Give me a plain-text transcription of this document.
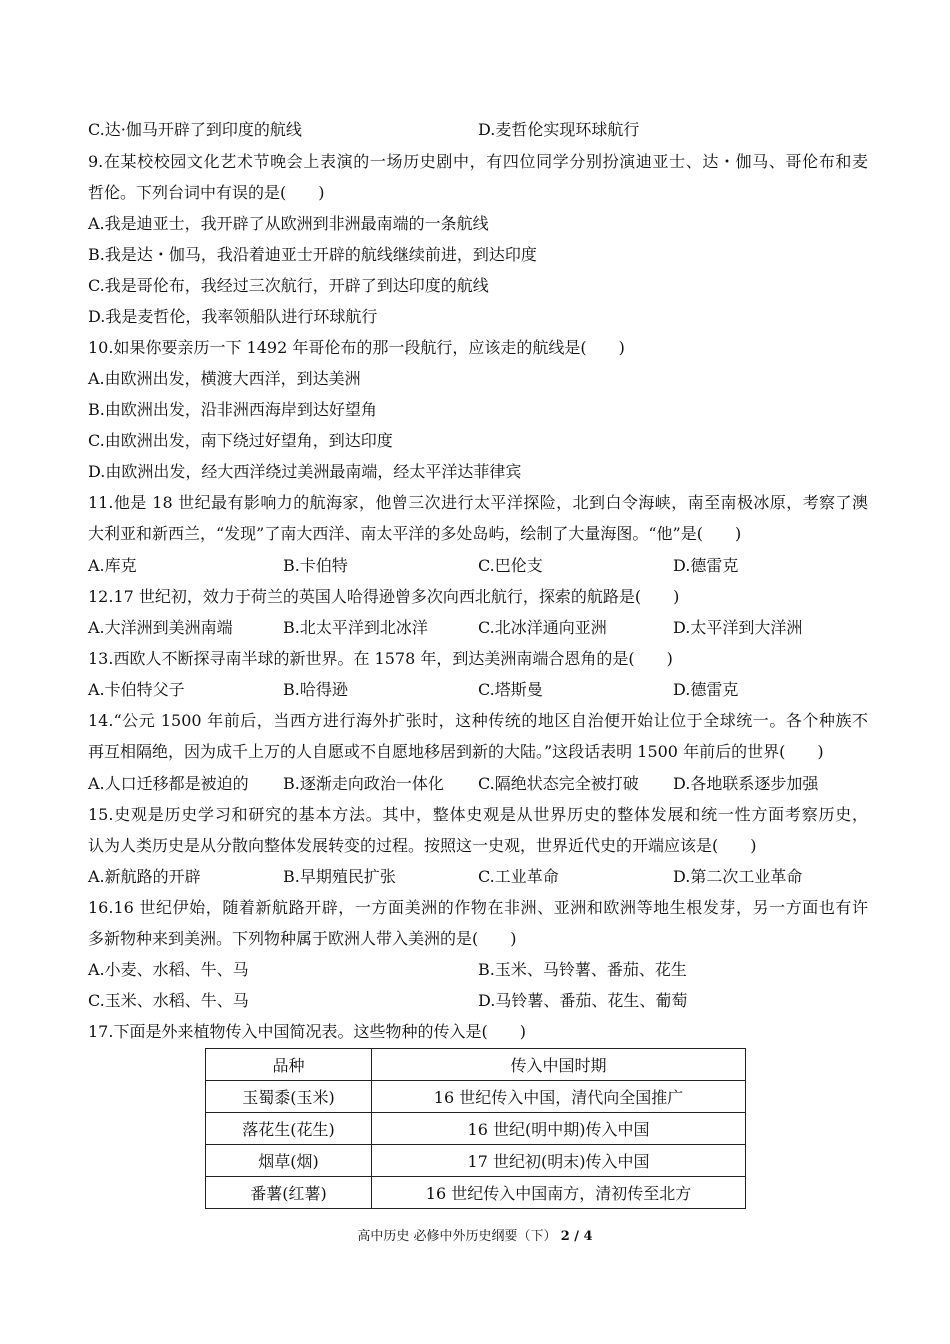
C.达·伽马开辟了到印度的航线	D.麦哲伦实现环球航行
9.在某校校园文化艺术节晚会上表演的一场历史剧中，有四位同学分别扮演迪亚士、达・伽马、哥伦布和麦
哲伦。下列台词中有误的是(　　)
A.我是迪亚士，我开辟了从欧洲到非洲最南端的一条航线
B.我是达・伽马，我沿着迪亚士开辟的航线继续前进，到达印度
C.我是哥伦布，我经过三次航行，开辟了到达印度的航线
D.我是麦哲伦，我率领船队进行环球航行
10.如果你要亲历一下 1492 年哥伦布的那一段航行，应该走的航线是(　　)
A.由欧洲出发，横渡大西洋，到达美洲
B.由欧洲出发，沿非洲西海岸到达好望角
C.由欧洲出发，南下绕过好望角，到达印度
D.由欧洲出发，经大西洋绕过美洲最南端，经太平洋达菲律宾
11.他是 18 世纪最有影响力的航海家，他曾三次进行太平洋探险，北到白令海峡，南至南极冰原，考察了澳
大利亚和新西兰，“发现”了南大西洋、南太平洋的多处岛屿，绘制了大量海图。“他”是(　　)
A.库克	B.卡伯特	C.巴伦支	D.德雷克
12.17 世纪初，效力于荷兰的英国人哈得逊曾多次向西北航行，探索的航路是(　　)
A.大洋洲到美洲南端	B.北太平洋到北冰洋	C.北冰洋通向亚洲	D.太平洋到大洋洲
13.西欧人不断探寻南半球的新世界。在 1578 年，到达美洲南端合恩角的是(　　)
A.卡伯特父子	B.哈得逊	C.塔斯曼	D.德雷克
14.“公元 1500 年前后，当西方进行海外扩张时，这种传统的地区自治便开始让位于全球统一。各个种族不
再互相隔绝，因为成千上万的人自愿或不自愿地移居到新的大陆。”这段话表明 1500 年前后的世界(　　)
A.人口迁移都是被迫的	B.逐渐走向政治一体化	C.隔绝状态完全被打破	D.各地联系逐步加强
15.史观是历史学习和研究的基本方法。其中，整体史观是从世界历史的整体发展和统一性方面考察历史，
认为人类历史是从分散向整体发展转变的过程。按照这一史观，世界近代史的开端应该是(　　)
A.新航路的开辟	B.早期殖民扩张	C.工业革命	D.第二次工业革命
16.16 世纪伊始，随着新航路开辟，一方面美洲的作物在非洲、亚洲和欧洲等地生根发芽，另一方面也有许
多新物种来到美洲。下列物种属于欧洲人带入美洲的是(　　)
A.小麦、水稻、牛、马	B.玉米、马铃薯、番茄、花生
C.玉米、水稻、牛、马	D.马铃薯、番茄、花生、葡萄
17.下面是外来植物传入中国简况表。这些物种的传入是(　　)
品种	传入中国时期
玉蜀黍(玉米)	16 世纪传入中国，清代向全国推广
落花生(花生)	16 世纪(明中期)传入中国
烟草(烟)	17 世纪初(明末)传入中国
番薯(红薯)	16 世纪传入中国南方，清初传至北方
高中历史 必修中外历史纲要（下） 2 / 4
